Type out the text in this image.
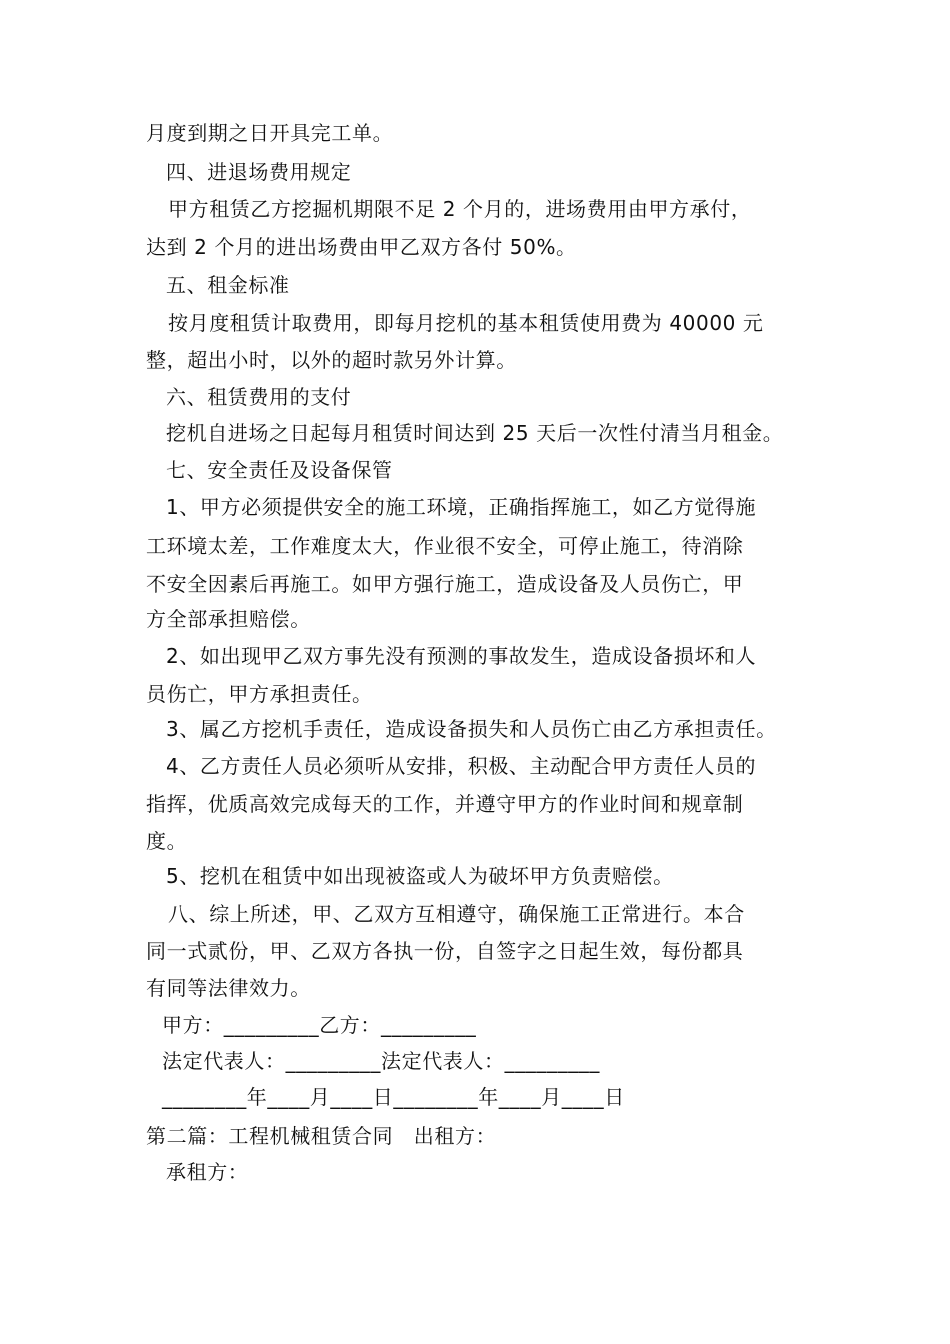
月度到期之日开具完工单。
四、进退场费用规定
甲方租赁乙方挖掘机期限不足 2 个月的，进场费用由甲方承付，
达到 2 个月的进出场费由甲乙双方各付 50%。
五、租金标准
按月度租赁计取费用，即每月挖机的基本租赁使用费为 40000 元
整，超出小时，以外的超时款另外计算。
六、租赁费用的支付
挖机自进场之日起每月租赁时间达到 25 天后一次性付清当月租金。
七、安全责任及设备保管
1、甲方必须提供安全的施工环境，正确指挥施工，如乙方觉得施
工环境太差，工作难度太大，作业很不安全，可停止施工，待消除
不安全因素后再施工。如甲方强行施工，造成设备及人员伤亡，甲
方全部承担赔偿。
2、如出现甲乙双方事先没有预测的事故发生，造成设备损坏和人
员伤亡，甲方承担责任。
3、属乙方挖机手责任，造成设备损失和人员伤亡由乙方承担责任。
4、乙方责任人员必须听从安排，积极、主动配合甲方责任人员的
指挥，优质高效完成每天的工作，并遵守甲方的作业时间和规章制
度。
5、挖机在租赁中如出现被盗或人为破坏甲方负责赔偿。
八、综上所述，甲、乙双方互相遵守，确保施工正常进行。本合
同一式贰份，甲、乙双方各执一份，自签字之日起生效，每份都具
有同等法律效力。
甲方：_________乙方：_________
法定代表人：_________法定代表人：_________
________年____月____日________年____月____日
第二篇：工程机械租赁合同　出租方：
承租方：
